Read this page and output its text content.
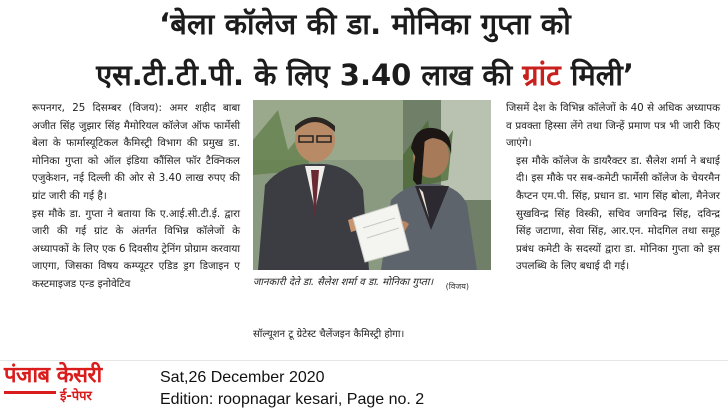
‘बेला कॉलेज की डा. मोनिका गुप्ता को
एस.टी.टी.पी. के लिए 3.40 लाख की ग्रांट मिली’

रूपनगर, 25 दिसम्बर (विजय): अमर शहीद बाबा अजीत सिंह जुझार सिंह मैमोरियल कॉलेज ऑफ फार्मेसी बेला के फार्मास्यूटिकल कैमिस्ट्री विभाग की प्रमुख डा. मोनिका गुप्ता को ऑल इंडिया कौंसिल फॉर टैक्निकल एजुकेशन, नई दिल्ली की ओर से 3.40 लाख रुपए की ग्रांट जारी की गई है।

इस मौके डा. गुप्ता ने बताया कि ए.आई.सी.टी.ई. द्वारा जारी की गई ग्रांट के अंतर्गत विभिन्न कॉलेजों के अध्यापकों के लिए एक 6 दिवसीय ट्रेनिंग प्रोग्राम करवाया जाएगा, जिसका विषय कम्प्यूटर एडिड ड्रग डिजाइन ए कस्टमाइजड एन्ड इनोवेटिव	जानकारी देते डा. सैलेश शर्मा व डा. मोनिका गुप्ता। (विजय)
सॉल्यूशन टू ग्रेटेस्ट चैलेंजइन कैमिस्ट्री होगा।

जिसमें देश के विभिन्न कॉलेजों के 40 से अधिक अध्यापक व प्रवक्ता हिस्सा लेंगे तथा जिन्हें प्रमाण पत्र भी जारी किए जाएंगे।

इस मौके कॉलेज के डायरैक्टर डा. सैलेश शर्मा ने बधाई दी। इस मौके पर सब-कमेटी फार्मेसी कॉलेज के चेयरमैन कैप्टन एम.पी. सिंह, प्रधान डा. भाग सिंह बोला, मैनेजर सुखविन्द्र सिंह विस्की, सचिव जगविन्द्र सिंह, दविन्द्र सिंह जटाणा, सेवा सिंह, आर.एन. मोदगिल तथा समूह प्रबंध कमेटी के सदस्यों द्वारा डा. मोनिका गुप्ता को इस उपलब्धि के लिए बधाई दी गई।

पंजाब केसरी
ई-पेपर
Sat,26 December 2020
Edition: roopnagar kesari, Page no. 2
